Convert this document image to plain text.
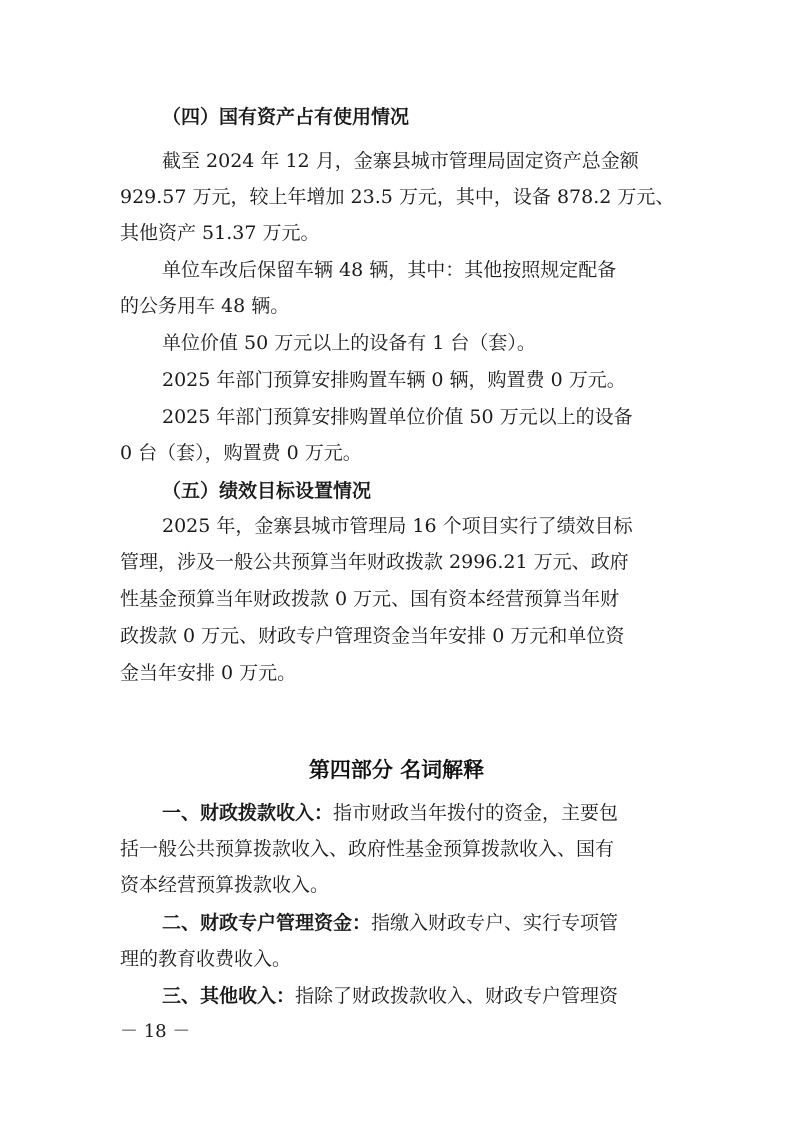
（四）国有资产占有使用情况
截至 2024 年 12 月，金寨县城市管理局固定资产总金额
929.57 万元，较上年增加 23.5 万元，其中，设备 878.2 万元、
其他资产 51.37 万元。
单位车改后保留车辆 48 辆，其中：其他按照规定配备
的公务用车 48 辆。
单位价值 50 万元以上的设备有 1 台（套）。
2025 年部门预算安排购置车辆 0 辆，购置费 0 万元。
2025 年部门预算安排购置单位价值 50 万元以上的设备
0 台（套），购置费 0 万元。
（五）绩效目标设置情况
2025 年，金寨县城市管理局 16 个项目实行了绩效目标
管理，涉及一般公共预算当年财政拨款 2996.21 万元、政府
性基金预算当年财政拨款 0 万元、国有资本经营预算当年财
政拨款 0 万元、财政专户管理资金当年安排 0 万元和单位资
金当年安排 0 万元。
第四部分 名词解释
一、财政拨款收入：指市财政当年拨付的资金，主要包
括一般公共预算拨款收入、政府性基金预算拨款收入、国有
资本经营预算拨款收入。
二、财政专户管理资金：指缴入财政专户、实行专项管
理的教育收费收入。
三、其他收入：指除了财政拨款收入、财政专户管理资
－ 18 －
